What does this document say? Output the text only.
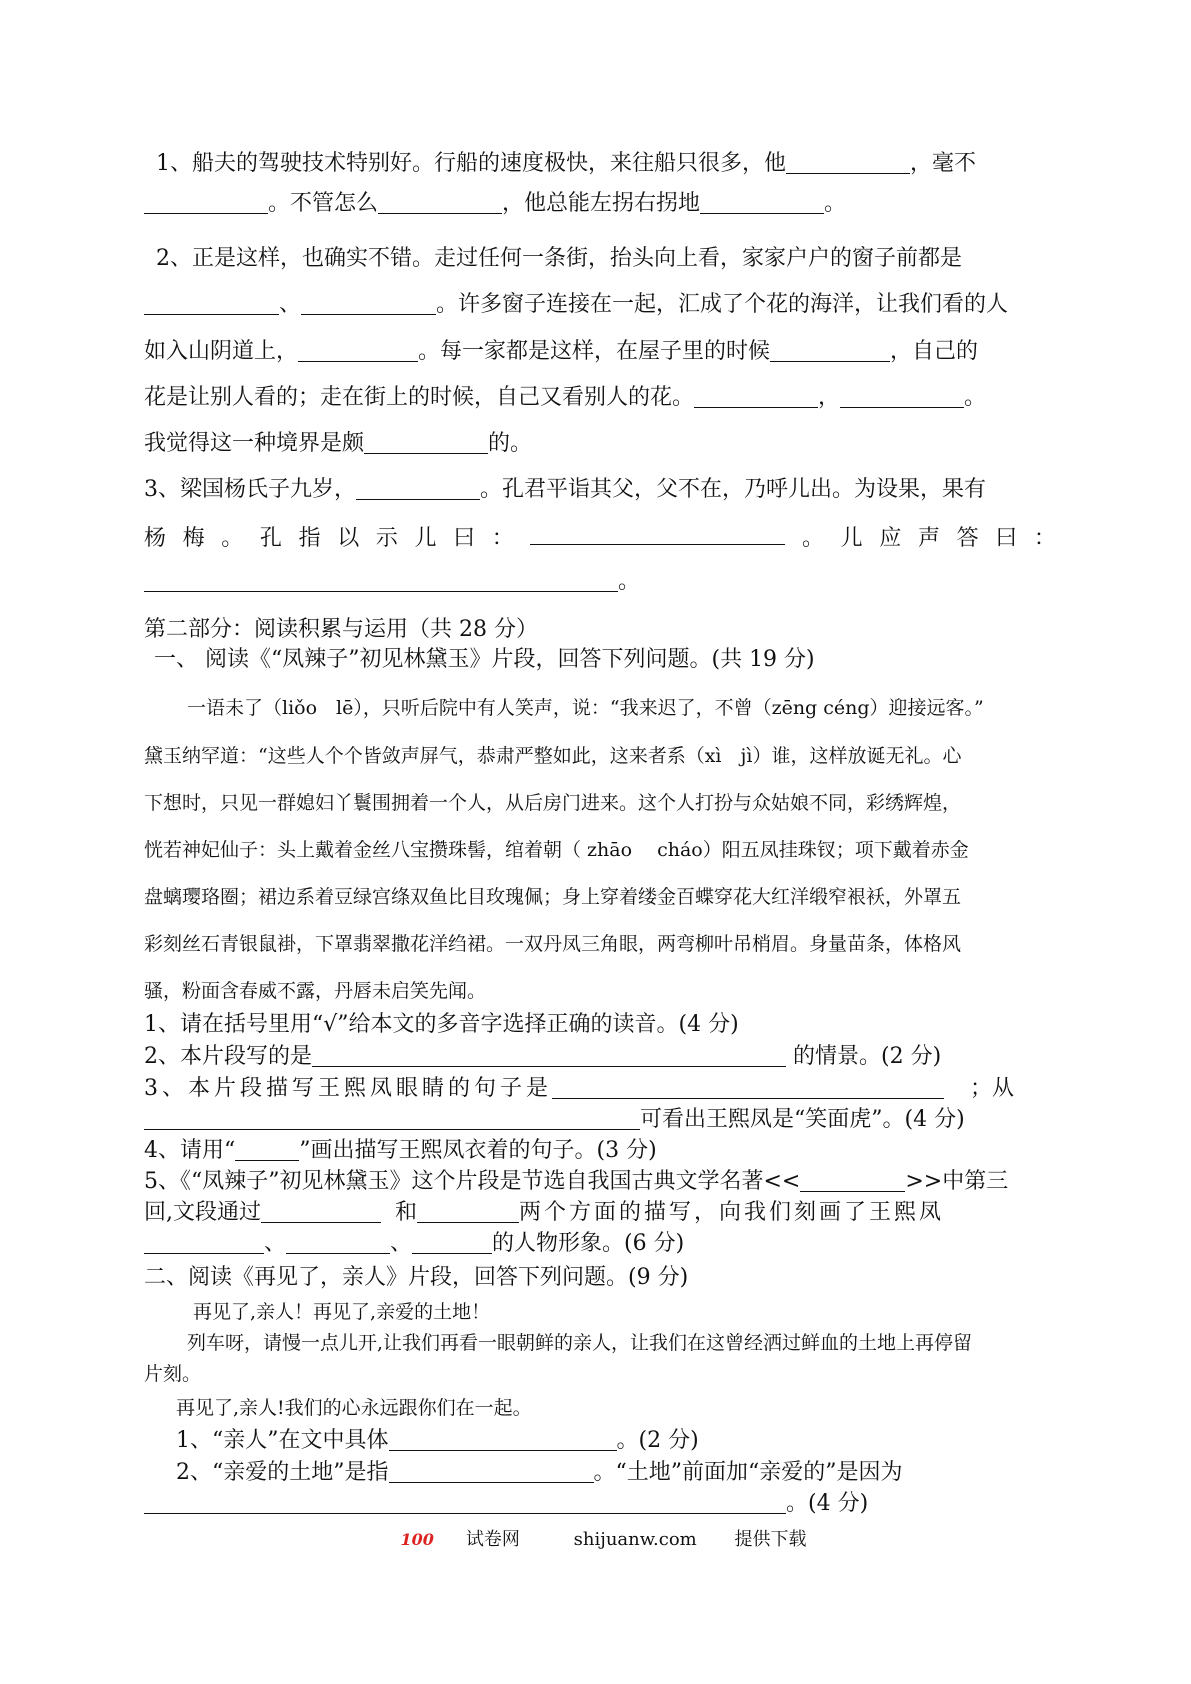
1、船夫的驾驶技术特别好。行船的速度极快，来往船只很多，他	，毫不
。不管怎么	，他总能左拐右拐地	。
2、正是这样，也确实不错。走过任何一条街，抬头向上看，家家户户的窗子前都是
、	。许多窗子连接在一起，汇成了个花的海洋，让我们看的人
如入山阴道上，	。每一家都是这样，在屋子里的时候	，自己的
花是让别人看的；走在街上的时候，自己又看别人的花。	，	。
我觉得这一种境界是颇	的。
3、梁国杨氏子九岁，	。孔君平诣其父，父不在，乃呼儿出。为设果，果有
杨 梅 。 孔 指 以 示 儿 曰 ：	。 儿 应 声 答 曰 ：
。
第二部分：阅读积累与运用（共 28 分）
一、 阅读《“凤辣子”初见林黛玉》片段，回答下列问题。(共 19 分)
一语未了（liǒo　lē），只听后院中有人笑声，说：“我来迟了，不曾（zēng céng）迎接远客。”
黛玉纳罕道：“这些人个个皆敛声屏气，恭肃严整如此，这来者系（xì　jì）谁，这样放诞无礼。心
下想时，只见一群媳妇丫鬟围拥着一个人，从后房门进来。这个人打扮与众姑娘不同，彩绣辉煌，
恍若神妃仙子：头上戴着金丝八宝攒珠髻，绾着朝（ zhāo　 cháo）阳五凤挂珠钗；项下戴着赤金
盘螭璎珞圈；裙边系着豆绿宫绦双鱼比目玫瑰佩；身上穿着缕金百蝶穿花大红洋缎窄裉袄，外罩五
彩刻丝石青银鼠褂，下罩翡翠撒花洋绉裙。一双丹凤三角眼，两弯柳叶吊梢眉。身量苗条，体格风
骚，粉面含春威不露，丹唇未启笑先闻。
1、请在括号里用“√”给本文的多音字选择正确的读音。(4 分)
2、本片段写的是	的情景。(2 分)
3、本片段描写王熙凤眼睛的句子是	；从
可看出王熙凤是“笑面虎”。(4 分)
4、请用“	”画出描写王熙凤衣着的句子。(3 分)
5、《“凤辣子”初见林黛玉》这个片段是节选自我国古典文学名著<<	>>中第三
回,文段通过	和	两个方面的描写，向我们刻画了王熙凤
、	、	的人物形象。(6 分)
二、阅读《再见了，亲人》片段，回答下列问题。(9 分)
再见了,亲人！再见了,亲爱的土地！
列车呀，请慢一点儿开,让我们再看一眼朝鲜的亲人，让我们在这曾经洒过鲜血的土地上再停留
片刻。
再见了,亲人!我们的心永远跟你们在一起。
1、“亲人”在文中具体	。(2 分)
2、“亲爱的土地”是指	。“土地”前面加“亲爱的”是因为
。(4 分)
100 试卷网	shijuanw.com 提供下载
